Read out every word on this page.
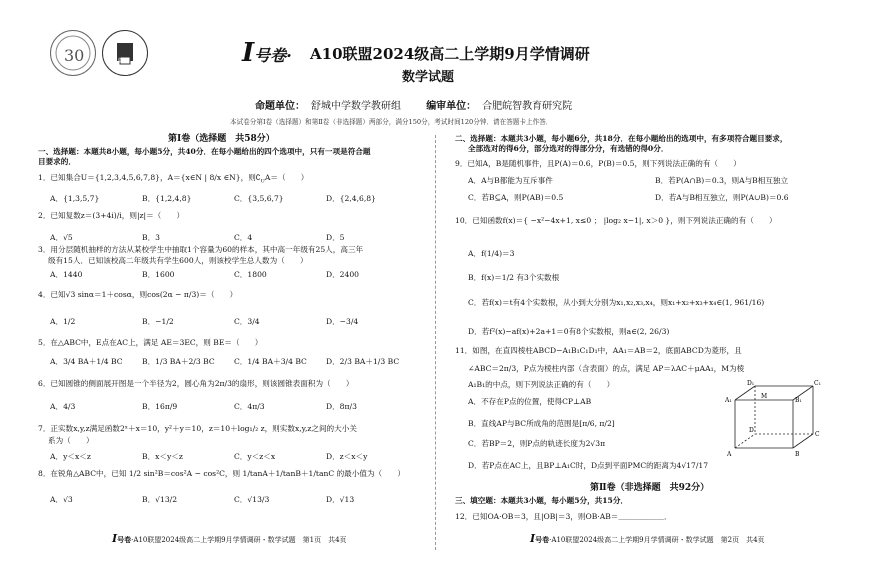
30	皖智	I号卷· A10联盟2024级高二上学期9月学情调研
数学试题
命题单位： 舒城中学数学教研组	编审单位： 合肥皖智教育研究院
本试卷分第Ⅰ卷（选择题）和第Ⅱ卷（非选择题）两部分，满分150分，考试时间120分钟．请在答题卡上作答．
第Ⅰ卷（选择题　共58分）
一、选择题：本题共8小题，每小题5分，共40分．在每小题给出的四个选项中，只有一项是符合题
目要求的．
1．已知集合U＝{1,2,3,4,5,6,7,8}，A＝{x∈N | 8/x ∈N}，则$∁_UA=$（　　）
A．{1,3,5,7}	B．{1,2,4,8}	C．{3,5,6,7}	D．{2,4,6,8}
2．已知复数z＝(3+4i)/i，则|z|＝（　　）
A．√5	B．3	C．4	D．5
3．用分层随机抽样的方法从某校学生中抽取1个容量为60的样本，其中高一年级有25人，高三年
级有15人．已知该校高二年级共有学生600人，则该校学生总人数为（　　）
A．1440	B．1600	C．1800	D．2400
4．已知√3 sinα＝1＋cosα，则cos(2α − π/3)＝（　　）
A．1/2	B．−1/2	C．3/4	D．−3/4
5．在△ABC中，E点在AC上，满足 AE＝3EC，则 BE＝（　　）
A．3/4 BA＋1/4 BC	B．1/3 BA＋2/3 BC	C．1/4 BA＋3/4 BC	D．2/3 BA＋1/3 BC
6．已知圆锥的侧面展开图是一个半径为2，圆心角为2π/3的扇形，则该圆锥表面积为（　　）
A．4/3	B．16π/9	C．4π/3	D．8π/3
7．正实数x,y,z满足函数2ˣ＋x＝10，y²＋y＝10，z＝10＋log₁/₂ z，则实数x,y,z之间的大小关
系为（　　）
A．y＜x＜z	B．x＜y＜z	C．y＜z＜x	D．z＜x＜y
8．在锐角△ABC中，已知 1/2 sin²B＝cos²A − cos²C，则 1/tanA＋1/tanB＋1/tanC 的最小值为（　　）
A．√3	B．√13/2	C．√13/3	D．√13
I号卷·A10联盟2024级高二上学期9月学情调研・数学试题　第1页　共4页
二、选择题：本题共3小题，每小题6分，共18分．在每小题给出的选项中，有多项符合题目要求，
全部选对的得6分，部分选对的得部分分，有选错的得0分．
9．已知A，B是随机事件，且P(A)＝0.6，P(B)＝0.5，则下列说法正确的有（　　）
A．A与B都能为互斥事件	B．若P(A∩B)＝0.3，则A与B相互独立
C．若B⊆A，则P(AB)＝0.5	D．若A与B相互独立，则P(A∪B)＝0.6
10．已知函数f(x)＝{ −x²−4x+1, x≤0 ； |log₂ x−1|, x＞0 }，则下列说法正确的有（　　）
A．f(1/4)＝3
B．f(x)＝1/2 有3个实数根
C．若f(x)＝t有4个实数根，从小到大分别为x₁,x₂,x₃,x₄，则x₁+x₂+x₃+x₄∈(1, 961/16)
D．若f²(x)−af(x)+2a+1＝0有8个实数根，则a∈(2, 26/3)
11．如图，在直四棱柱ABCD−A₁B₁C₁D₁中，AA₁＝AB＝2，底面ABCD为菱形，且
∠ABC＝2π/3，P点为棱柱内部（含表面）的点，满足 AP＝λAC＋μAA₁，M为棱
A₁B₁的中点，则下列说法正确的有（　　）
A．不存在P点的位置，使得CP⊥AB
B．直线AP与BC所成角的范围是[π/6, π/2]
C．若BP＝2，则P点的轨迹长度为2√3π
D．若P点在AC上，且BP⊥A₁C时，D点到平面PMC的距离为4√17/17
D₁	C₁
A₁	B₁
M
D
C
A	B
第Ⅱ卷（非选择题　共92分）
三、填空题：本题共3小题，每小题5分，共15分．
12．已知OA·OB＝3，且|OB|＝3，则OB·AB＝＿＿＿＿＿＿．
I号卷·A10联盟2024级高二上学期9月学情调研・数学试题　第2页　共4页
